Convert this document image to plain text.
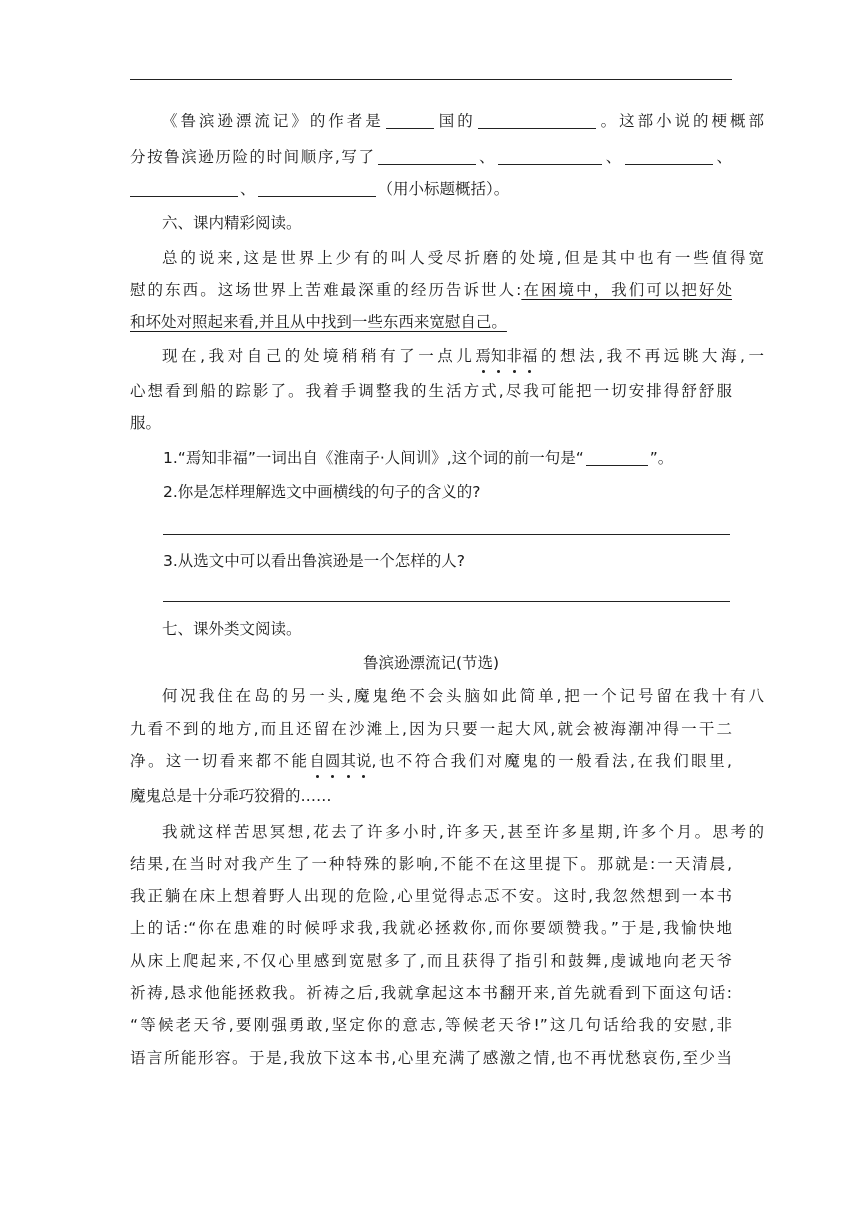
《鲁滨逊漂流记》的作者是	国的	。这部小说的梗概部
分按鲁滨逊历险的时间顺序,写了	、	、	、
、	（用小标题概括）。
六、课内精彩阅读。
总的说来,这是世界上少有的叫人受尽折磨的处境,但是其中也有一些值得宽
慰的东西。这场世界上苦难最深重的经历告诉世人:在困境中，我们可以把好处
和坏处对照起来看,并且从中找到一些东西来宽慰自己。
现在,我对自己的处境稍稍有了一点儿焉知非福的想法,我不再远眺大海,一
心想看到船的踪影了。我着手调整我的生活方式,尽我可能把一切安排得舒舒服
服。
1.“焉知非福”一词出自《淮南子·人间训》,这个词的前一句是“	”。
2.你是怎样理解选文中画横线的句子的含义的?
3.从选文中可以看出鲁滨逊是一个怎样的人?
七、课外类文阅读。
鲁滨逊漂流记(节选)
何况我住在岛的另一头,魔鬼绝不会头脑如此简单,把一个记号留在我十有八
九看不到的地方,而且还留在沙滩上,因为只要一起大风,就会被海潮冲得一干二
净。这一切看来都不能自圆其说,也不符合我们对魔鬼的一般看法,在我们眼里,
魔鬼总是十分乖巧狡猾的……
我就这样苦思冥想,花去了许多小时,许多天,甚至许多星期,许多个月。思考的
结果,在当时对我产生了一种特殊的影响,不能不在这里提下。那就是:一天清晨,
我正躺在床上想着野人出现的危险,心里觉得忐忑不安。这时,我忽然想到一本书
上的话:“你在患难的时候呼求我,我就必拯救你,而你要颂赞我。”于是,我愉快地
从床上爬起来,不仅心里感到宽慰多了,而且获得了指引和鼓舞,虔诚地向老天爷
祈祷,恳求他能拯救我。祈祷之后,我就拿起这本书翻开来,首先就看到下面这句话:
“等候老天爷,要刚强勇敢,坚定你的意志,等候老天爷!”这几句话给我的安慰,非
语言所能形容。于是,我放下这本书,心里充满了感激之情,也不再忧愁哀伤,至少当
